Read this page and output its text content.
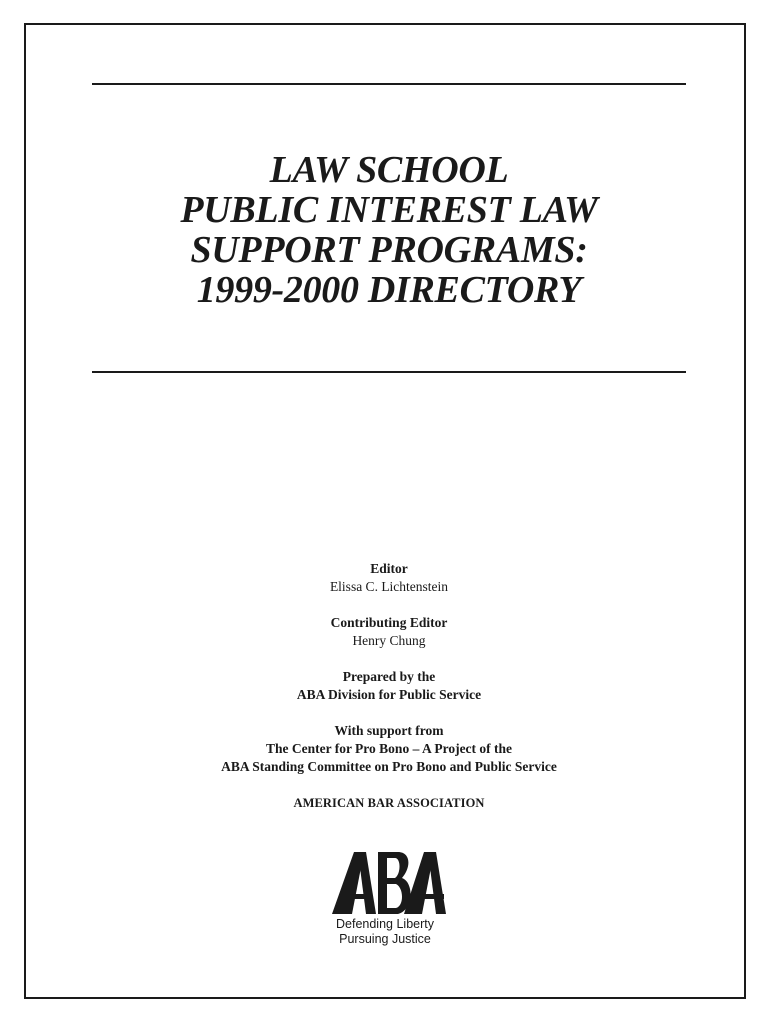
LAW SCHOOL
PUBLIC INTEREST LAW
SUPPORT PROGRAMS:
1999-2000 DIRECTORY
Editor
Elissa C. Lichtenstein
Contributing Editor
Henry Chung
Prepared by the
ABA Division for Public Service
With support from
The Center for Pro Bono – A Project of the
ABA Standing Committee on Pro Bono and Public Service
AMERICAN BAR ASSOCIATION
Defending Liberty
Pursuing Justice
